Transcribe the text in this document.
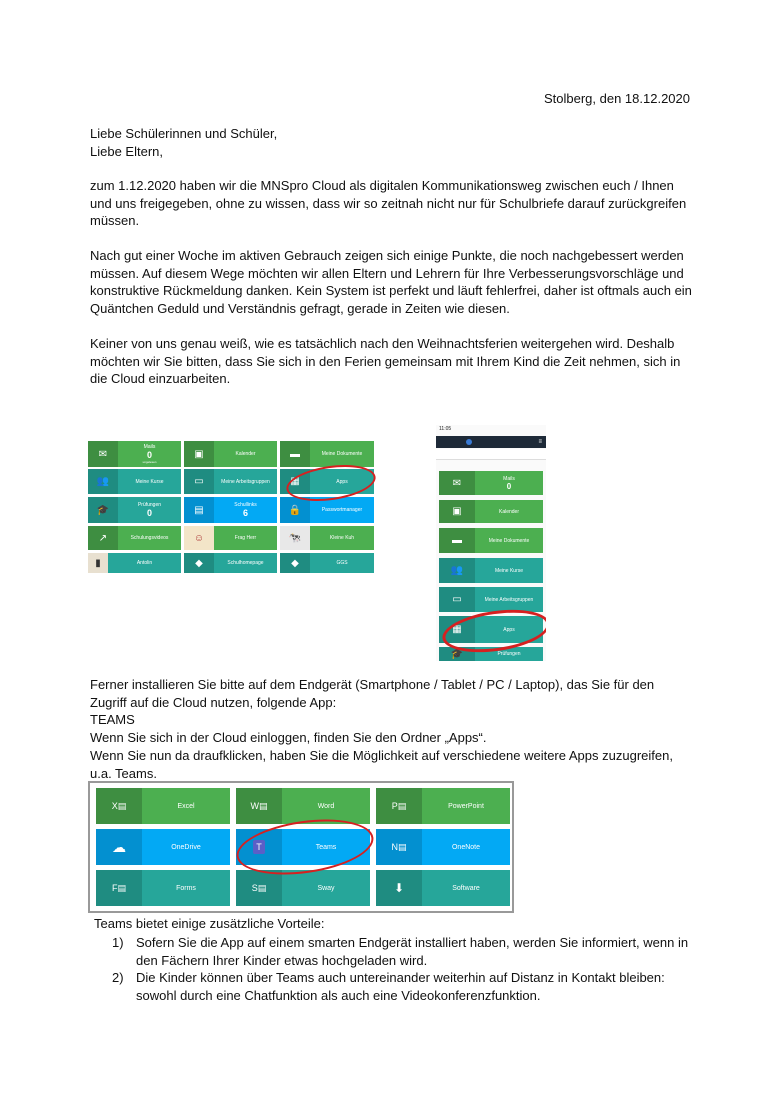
Stolberg, den 18.12.2020

Liebe Schülerinnen und Schüler,

Liebe Eltern,

zum 1.12.2020 haben wir die MNSpro Cloud als digitalen Kommunikationsweg zwischen euch / Ihnen und uns freigegeben, ohne zu wissen, dass wir so zeitnah nicht nur für Schulbriefe darauf zurückgreifen müssen.

Nach gut einer Woche im aktiven Gebrauch zeigen sich einige Punkte, die noch nachgebessert werden müssen. Auf diesem Wege möchten wir allen Eltern und Lehrern für Ihre Verbesserungsvorschläge und konstruktive Rückmeldung danken. Kein System ist perfekt und läuft fehlerfrei, daher ist oftmals auch ein Quäntchen Geduld und Verständnis gefragt, gerade in Zeiten wie diesen.

Keiner von uns genau weiß, wie es tatsächlich nach den Weihnachtsferien weitergehen wird. Deshalb möchten wir Sie bitten, dass Sie sich in den Ferien gemeinsam mit Ihrem Kind die Zeit nehmen, sich in die Cloud einzuarbeiten.

✉
Mails
0
ungelesen
▣	Kalender	▬	Meine Dokumente
👥	Meine Kurse	▭	Meine Arbeitsgruppen	▦	Apps
🎓	Prüfungen
0	▤	Schullinks
6	🔒	Passwortmanager
↗	Schulungsvideos	☺	Frag Herr	🐄	Kleine Kuh
▮	Antolin	◆	Schulhomepage	◆	GGS
11:05
≡
✉	Mails
0
▣	Kalender
▬	Meine Dokumente
👥	Meine Kurse
▭	Meine Arbeitsgruppen
▦	Apps
🎓	Prüfungen

Ferner installieren Sie bitte auf dem Endgerät (Smartphone / Tablet / PC / Laptop), das Sie für den Zugriff auf die Cloud nutzen, folgende App:

TEAMS

Wenn Sie sich in der Cloud einloggen, finden Sie den Ordner „Apps“.

Wenn Sie nun da draufklicken, haben Sie die Möglichkeit auf verschiedene weitere Apps zuzugreifen, u.a. Teams.

X▤	Excel	W▤	Word	P▤	PowerPoint
☁	OneDrive	T	Teams	N▤	OneNote
F▤	Forms	S▤	Sway	⬇	Software

Teams bietet einige zusätzliche Vorteile:

1) Sofern Sie die App auf einem smarten Endgerät installiert haben, werden Sie informiert, wenn in den Fächern Ihrer Kinder etwas hochgeladen wird.
2) Die Kinder können über Teams auch untereinander weiterhin auf Distanz in Kontakt bleiben: sowohl durch eine Chatfunktion als auch eine Videokonferenzfunktion.
